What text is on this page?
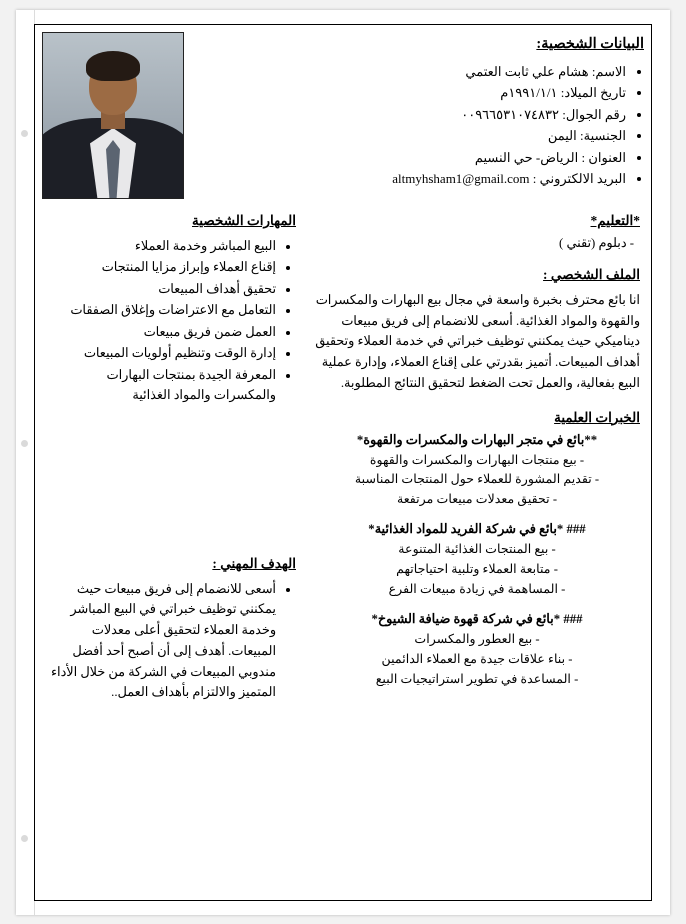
البيانات الشخصية:
• الاسم: هشام علي ثابت العتمي
• تاريخ الميلاد: ١٩٩١/١/١م
• رقم الجوال: ٠٠٩٦٦٥٣١٠٧٤٨٣٢
• الجنسية: اليمن
• العنوان : الرياض- حي النسيم
• البريد الالكتروني : altmyhsham1@gmail.com
المهارات الشخصية
• البيع المباشر وخدمة العملاء
• إقناع العملاء وإبراز مزايا المنتجات
• تحقيق أهداف المبيعات
• التعامل مع الاعتراضات وإغلاق الصفقات
• العمل ضمن فريق مبيعات
• إدارة الوقت وتنظيم أولويات المبيعات
• المعرفة الجيدة بمنتجات البهارات والمكسرات والمواد الغذائية
الهدف المهني :
• أسعى للانضمام إلى فريق مبيعات حيث يمكنني توظيف خبراتي في البيع المباشر وخدمة العملاء لتحقيق أعلى معدلات المبيعات. أهدف إلى أن أصبح أحد أفضل مندوبي المبيعات في الشركة من خلال الأداء المتميز والالتزام بأهداف العمل..
*التعليم*
- دبلوم (تقني )
الملف الشخصي :

انا بائع محترف بخبرة واسعة في مجال بيع البهارات والمكسرات والقهوة والمواد الغذائية. أسعى للانضمام إلى فريق مبيعات ديناميكي حيث يمكنني توظيف خبراتي في خدمة العملاء وتحقيق أهداف المبيعات. أتميز بقدرتي على إقناع العملاء، وإدارة عملية البيع بفعالية، والعمل تحت الضغط لتحقيق النتائج المطلوبة.

الخبرات العلمية
**بائع في متجر البهارات والمكسرات والقهوة*
- بيع منتجات البهارات والمكسرات والقهوة
- تقديم المشورة للعملاء حول المنتجات المناسبة
- تحقيق معدلات مبيعات مرتفعة
### *بائع في شركة الفريد للمواد الغذائية*
- بيع المنتجات الغذائية المتنوعة
- متابعة العملاء وتلبية احتياجاتهم
- المساهمة في زيادة مبيعات الفرع
### *بائع في شركة قهوة ضيافة الشيوخ*
- بيع العطور والمكسرات
- بناء علاقات جيدة مع العملاء الدائمين
- المساعدة في تطوير استراتيجيات البيع
